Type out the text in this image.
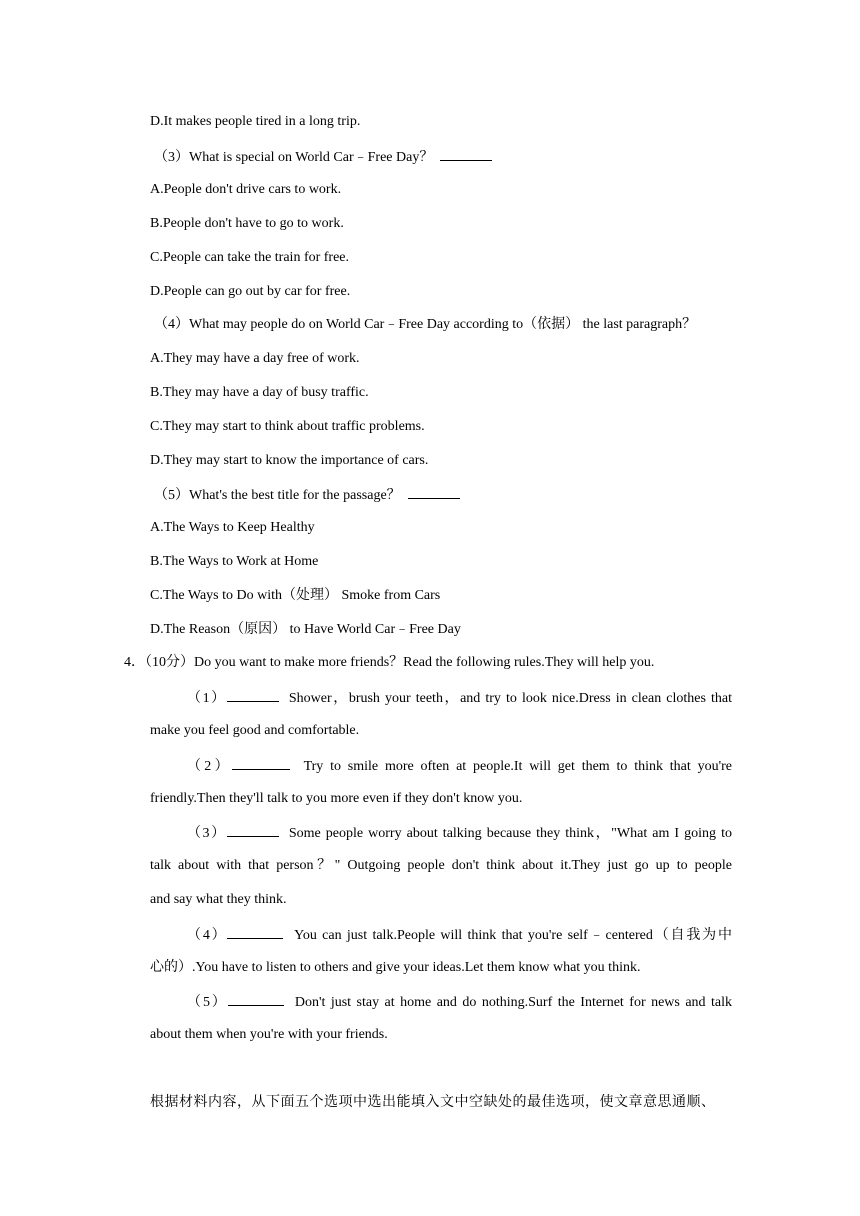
D.It makes people tired in a long trip.
（3）What is special on World Car﹣Free Day？
A.People don't drive cars to work.
B.People don't have to go to work.
C.People can take the train for free.
D.People can go out by car for free.
（4）What may people do on World Car﹣Free Day according to（依据） the last paragraph？
A.They may have a day free of work.
B.They may have a day of busy traffic.
C.They may start to think about traffic problems.
D.They may start to know the importance of cars.
（5）What's the best title for the passage？
A.The Ways to Keep Healthy
B.The Ways to Work at Home
C.The Ways to Do with（处理） Smoke from Cars
D.The Reason（原因） to Have World Car﹣Free Day
4．（10分）Do you want to make more friends？Read the following rules.They will help you.
（1）	Shower，brush your teeth，and try to look nice.Dress in clean clothes that
make you feel good and comfortable.
（2）	Try to smile more often at people.It will get them to think that you're
friendly.Then they'll talk to you more even if they don't know you.
（3）	Some people worry about talking because they think，"What am I going to
talk about with that person？" Outgoing people don't think about it.They just go up to people
and say what they think.
（4）	You can just talk.People will think that you're self﹣centered（自我为中
心的）.You have to listen to others and give your ideas.Let them know what you think.
（5）	Don't just stay at home and do nothing.Surf the Internet for news and talk
about them when you're with your friends.
根据材料内容，从下面五个选项中选出能填入文中空缺处的最佳选项，使文章意思通顺、
